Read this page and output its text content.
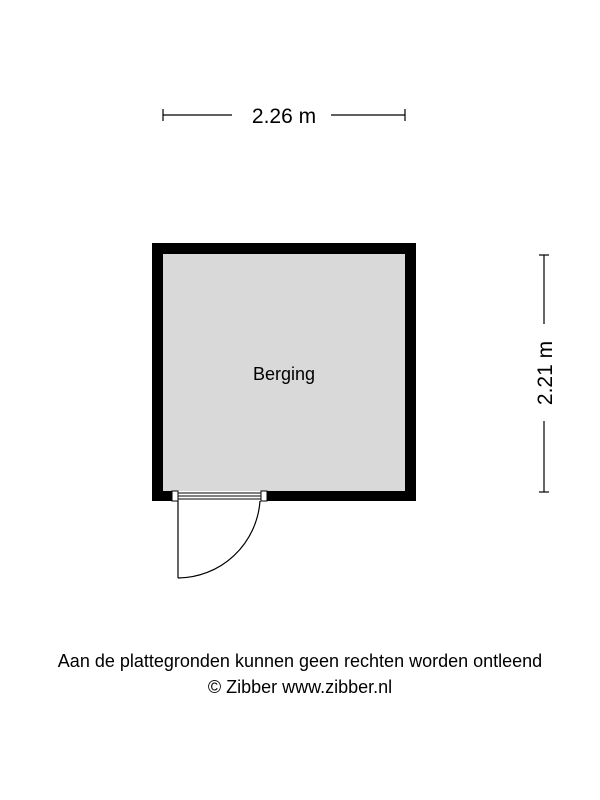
2.26 m
2.21 m
Berging
Aan de plattegronden kunnen geen rechten worden ontleend
© Zibber www.zibber.nl
